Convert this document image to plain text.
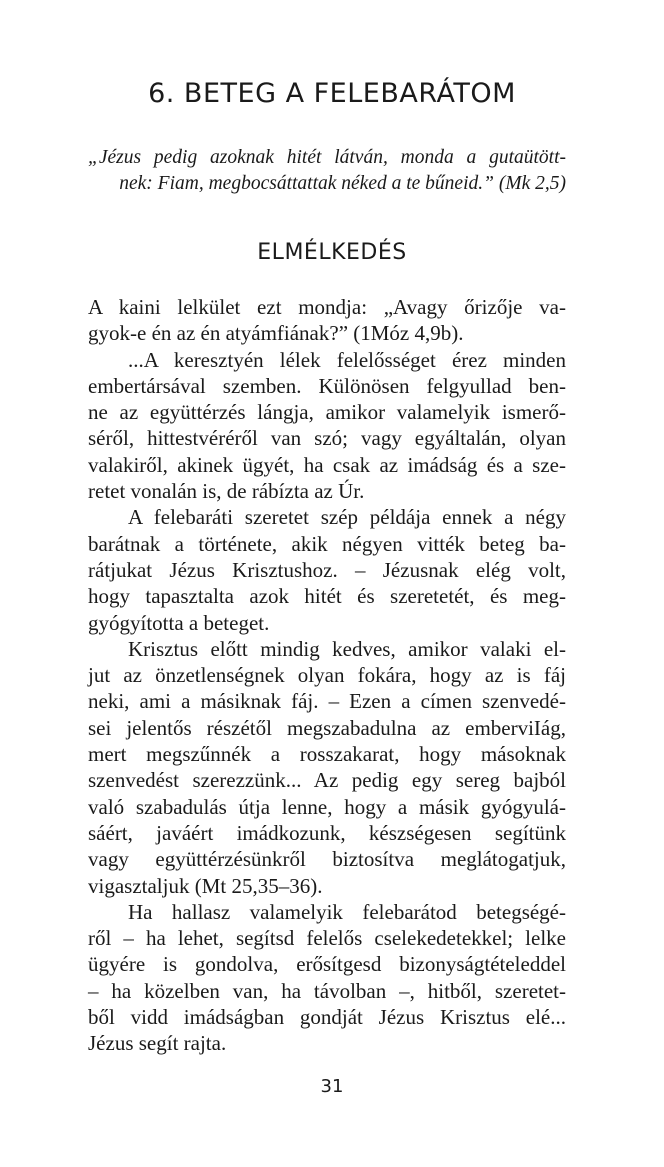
6. BETEG A FELEBARÁTOM
„Jézus pedig azoknak hitét látván, monda a gutaütött-
nek: Fiam, megbocsáttattak néked a te bűneid.” (Mk 2,5)
ELMÉLKEDÉS
A kaini lelkület ezt mondja: „Avagy őrizője va-
gyok-e én az én atyámfiának?” (1Móz 4,9b).
...A keresztyén lélek felelősséget érez minden
embertársával szemben. Különösen felgyullad ben-
ne az együttérzés lángja, amikor valamelyik ismerő-
séről, hittestvéréről van szó; vagy egyáltalán, olyan
valakiről, akinek ügyét, ha csak az imádság és a sze-
retet vonalán is, de rábízta az Úr.
A felebaráti szeretet szép példája ennek a négy
barátnak a története, akik négyen vitték beteg ba-
rátjukat Jézus Krisztushoz. – Jézusnak elég volt,
hogy tapasztalta azok hitét és szeretetét, és meg-
gyógyította a beteget.
Krisztus előtt mindig kedves, amikor valaki el-
jut az önzetlenségnek olyan fokára, hogy az is fáj
neki, ami a másiknak fáj. – Ezen a címen szenvedé-
sei jelentős részétől megszabadulna az emberviIág,
mert megszűnnék a rosszakarat, hogy másoknak
szenvedést szerezzünk... Az pedig egy sereg bajból
való szabadulás útja lenne, hogy a másik gyógyulá-
sáért, javáért imádkozunk, készségesen segítünk
vagy együttérzésünkről biztosítva meglátogatjuk,
vigasztaljuk (Mt 25,35–36).
Ha hallasz valamelyik felebarátod betegségé-
ről – ha lehet, segítsd felelős cselekedetekkel; lelke
ügyére is gondolva, erősítgesd bizonyságtételeddel
– ha közelben van, ha távolban –, hitből, szeretet-
ből vidd imádságban gondját Jézus Krisztus elé...
Jézus segít rajta.
31
